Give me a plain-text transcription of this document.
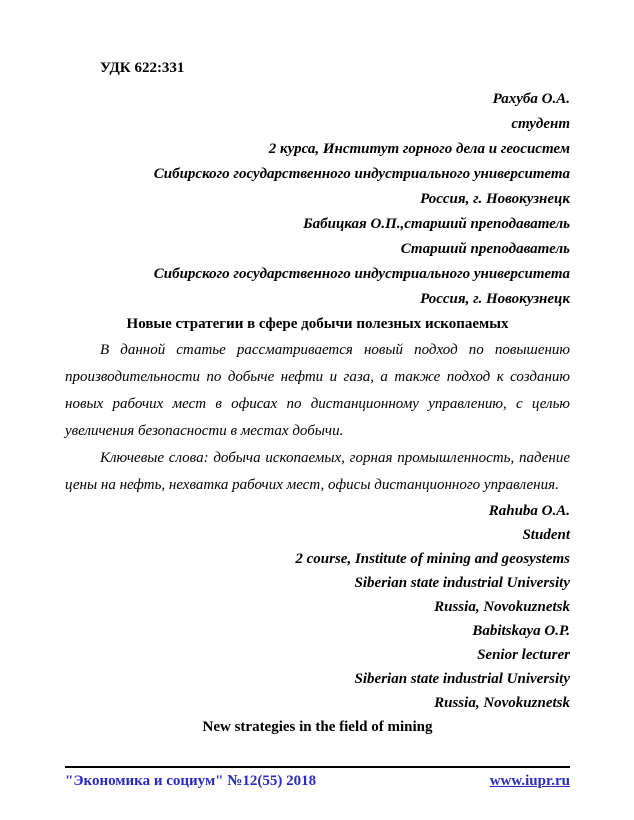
УДК 622:331
Рахуба О.А.
студент
2 курса, Институт горного дела и геосистем
Сибирского государственного индустриального университета
Россия, г. Новокузнецк
Бабицкая О.П.,старший преподаватель
Старший преподаватель
Сибирского государственного индустриального университета
Россия, г. Новокузнецк
Новые стратегии в сфере добычи полезных ископаемых

В данной статье рассматривается новый подход по повышению производительности по добыче нефти и газа, а также подход к созданию новых рабочих мест в офисах по дистанционному управлению, с целью увеличения безопасности в местах добычи.

Ключевые слова: добыча ископаемых, горная промышленность, падение цены на нефть, нехватка рабочих мест, офисы дистанционного управления.

Rahuba O.A.
Student
2 course, Institute of mining and geosystems
Siberian state industrial University
Russia, Novokuznetsk
Babitskaya O.P.
Senior lecturer
Siberian state industrial University
Russia, Novokuznetsk
New strategies in the field of mining
"Экономика и социум" №12(55) 2018	www.iupr.ru
